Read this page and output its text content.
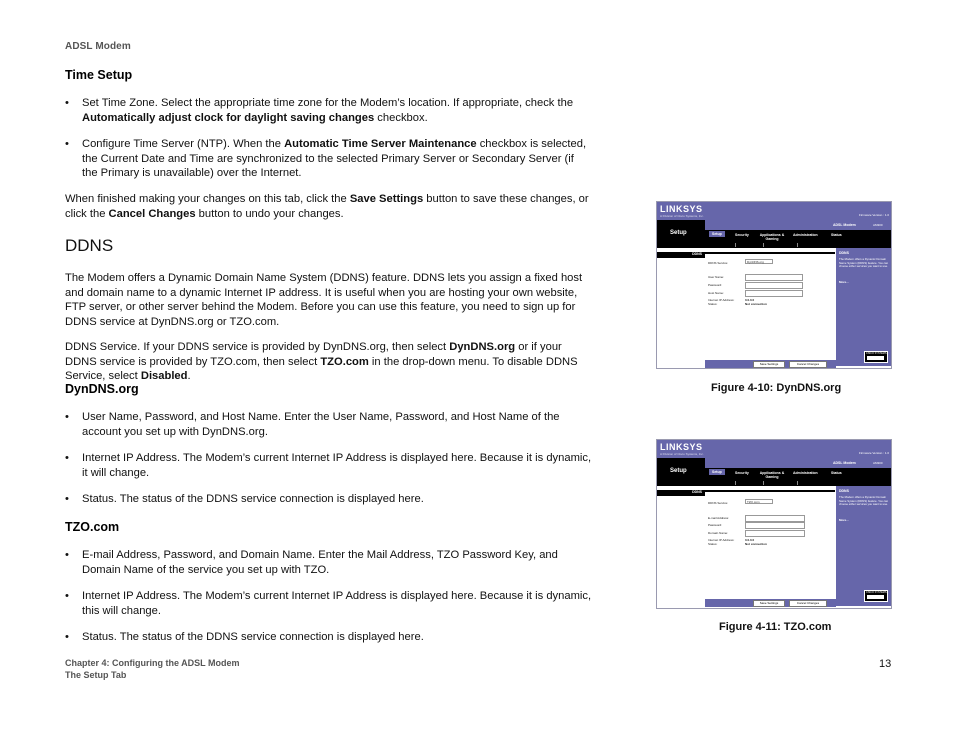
ADSL Modem
Time Setup
• Set Time Zone. Select the appropriate time zone for the Modem’s location. If appropriate, check the Automatically adjust clock for daylight saving changes checkbox.
• Configure Time Server (NTP). When the Automatic Time Server Maintenance checkbox is selected, the Current Date and Time are synchronized to the selected Primary Server or Secondary Server (if the Primary is unavailable) over the Internet.
When finished making your changes on this tab, click the Save Settings button to save these changes, or click the Cancel Changes button to undo your changes.
DDNS
The Modem offers a Dynamic Domain Name System (DDNS) feature. DDNS lets you assign a fixed host and domain name to a dynamic Internet IP address. It is useful when you are hosting your own website, FTP server, or other server behind the Modem. Before you can use this feature, you need to sign up for DDNS service at DynDNS.org or TZO.com.
DDNS Service. If your DDNS service is provided by DynDNS.org, then select DynDNS.org or if your DDNS service is provided by TZO.com, then select TZO.com in the drop-down menu. To disable DDNS Service, select Disabled.
DynDNS.org
• User Name, Password, and Host Name. Enter the User Name, Password, and Host Name of the account you set up with DynDNS.org.
• Internet IP Address. The Modem’s current Internet IP Address is displayed here. Because it is dynamic, it will change.
• Status. The status of the DDNS service connection is displayed here.
TZO.com
• E-mail Address, Password, and Domain Name. Enter the Mail Address, TZO Password Key, and Domain Name of the service you set up with TZO.
• Internet IP Address. The Modem’s current Internet IP Address is displayed here. Because it is dynamic, this will change.
• Status. The status of the DDNS service connection is displayed here.
Chapter 4: Configuring the ADSL Modem
The Setup Tab
13
LINKSYS
A Division of Cisco Systems, Inc.	Firmware Version : 1.0
Setup
ADSL Modem	AM300
Setup	Security	Applications & Gaming
Administration	Status
DDNS	DDNS
The Modem offers a Dynamic Domain Name System (DDNS) feature. You can choose either services you want to use.
More...
DDNS Service:	DynDNS.org
User Name:
Password:
Host Name:
Internet IP Address:	0.0.0.0
Status:	Not connection
Save Settings	Cancel Changes
CISCO SYSTEMS
Figure 4-10: DynDNS.org
LINKSYS
A Division of Cisco Systems, Inc.	Firmware Version : 1.0
Setup
ADSL Modem	AM300
Setup	Security	Applications & Gaming
Administration	Status
DDNS	DDNS
The Modem offers a Dynamic Domain Name System (DDNS) feature. You can choose either services you want to use.
More...
DDNS Service:	TZO.com
E-mail Address:
Password:
Domain Name:
Internet IP Address:	0.0.0.0
Status:	Not connection
Save Settings	Cancel Changes
CISCO SYSTEMS
Figure 4-11: TZO.com
